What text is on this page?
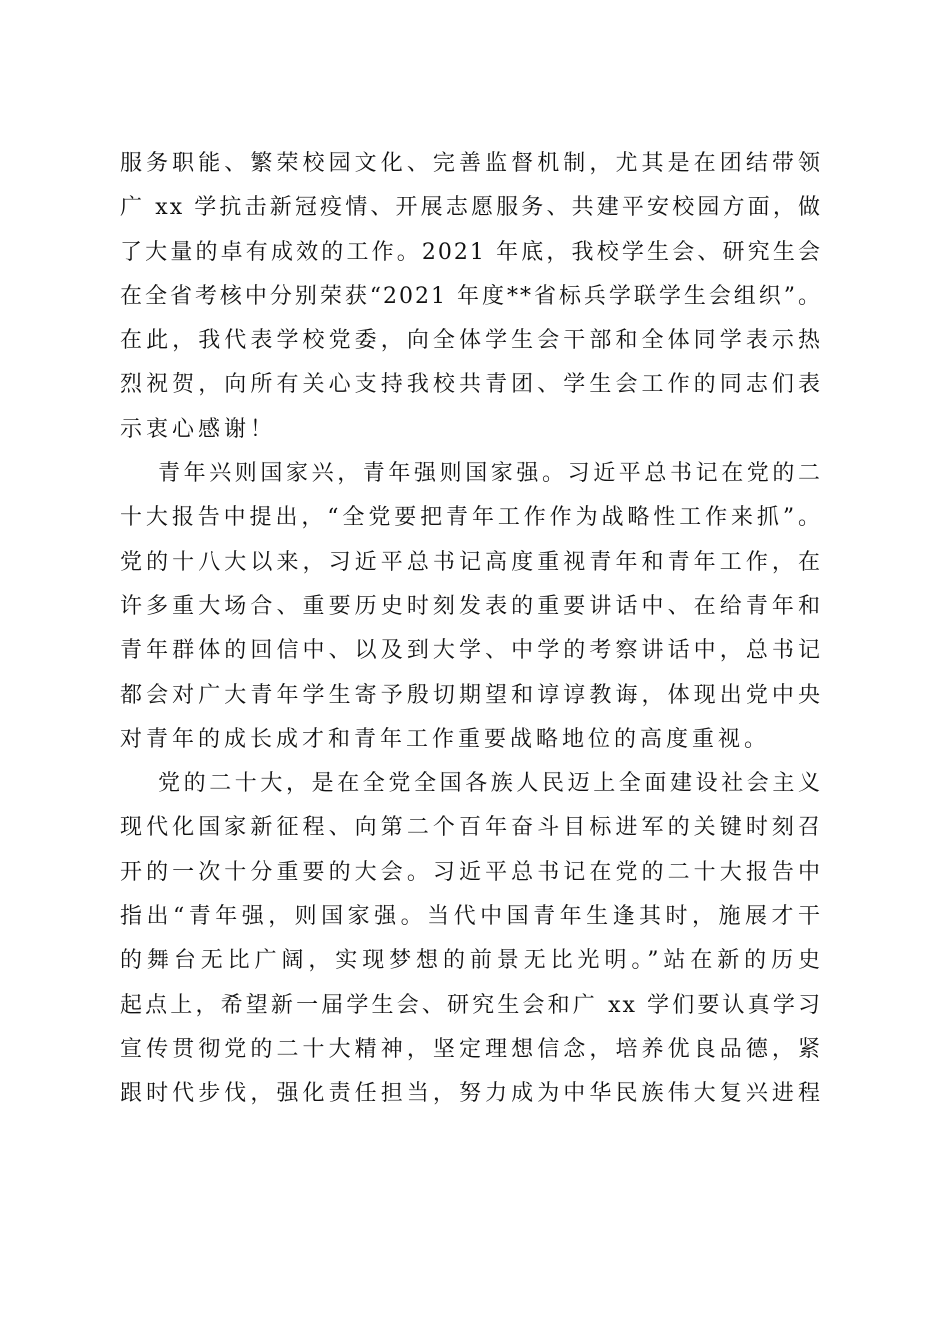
服务职能、繁荣校园文化、完善监督机制，尤其是在团结带领
广 xx 学抗击新冠疫情、开展志愿服务、共建平安校园方面，做
了大量的卓有成效的工作。2021 年底，我校学生会、研究生会
在全省考核中分别荣获“2021 年度**省标兵学联学生会组织”。
在此，我代表学校党委，向全体学生会干部和全体同学表示热
烈祝贺，向所有关心支持我校共青团、学生会工作的同志们表
示衷心感谢！
青年兴则国家兴，青年强则国家强。习近平总书记在党的二
十大报告中提出，“全党要把青年工作作为战略性工作来抓”。
党的十八大以来，习近平总书记高度重视青年和青年工作，在
许多重大场合、重要历史时刻发表的重要讲话中、在给青年和
青年群体的回信中、以及到大学、中学的考察讲话中，总书记
都会对广大青年学生寄予殷切期望和谆谆教诲，体现出党中央
对青年的成长成才和青年工作重要战略地位的高度重视。
党的二十大，是在全党全国各族人民迈上全面建设社会主义
现代化国家新征程、向第二个百年奋斗目标进军的关键时刻召
开的一次十分重要的大会。习近平总书记在党的二十大报告中
指出“青年强，则国家强。当代中国青年生逢其时，施展才干
的舞台无比广阔，实现梦想的前景无比光明。”站在新的历史
起点上，希望新一届学生会、研究生会和广 xx 学们要认真学习
宣传贯彻党的二十大精神，坚定理想信念，培养优良品德，紧
跟时代步伐，强化责任担当，努力成为中华民族伟大复兴进程
